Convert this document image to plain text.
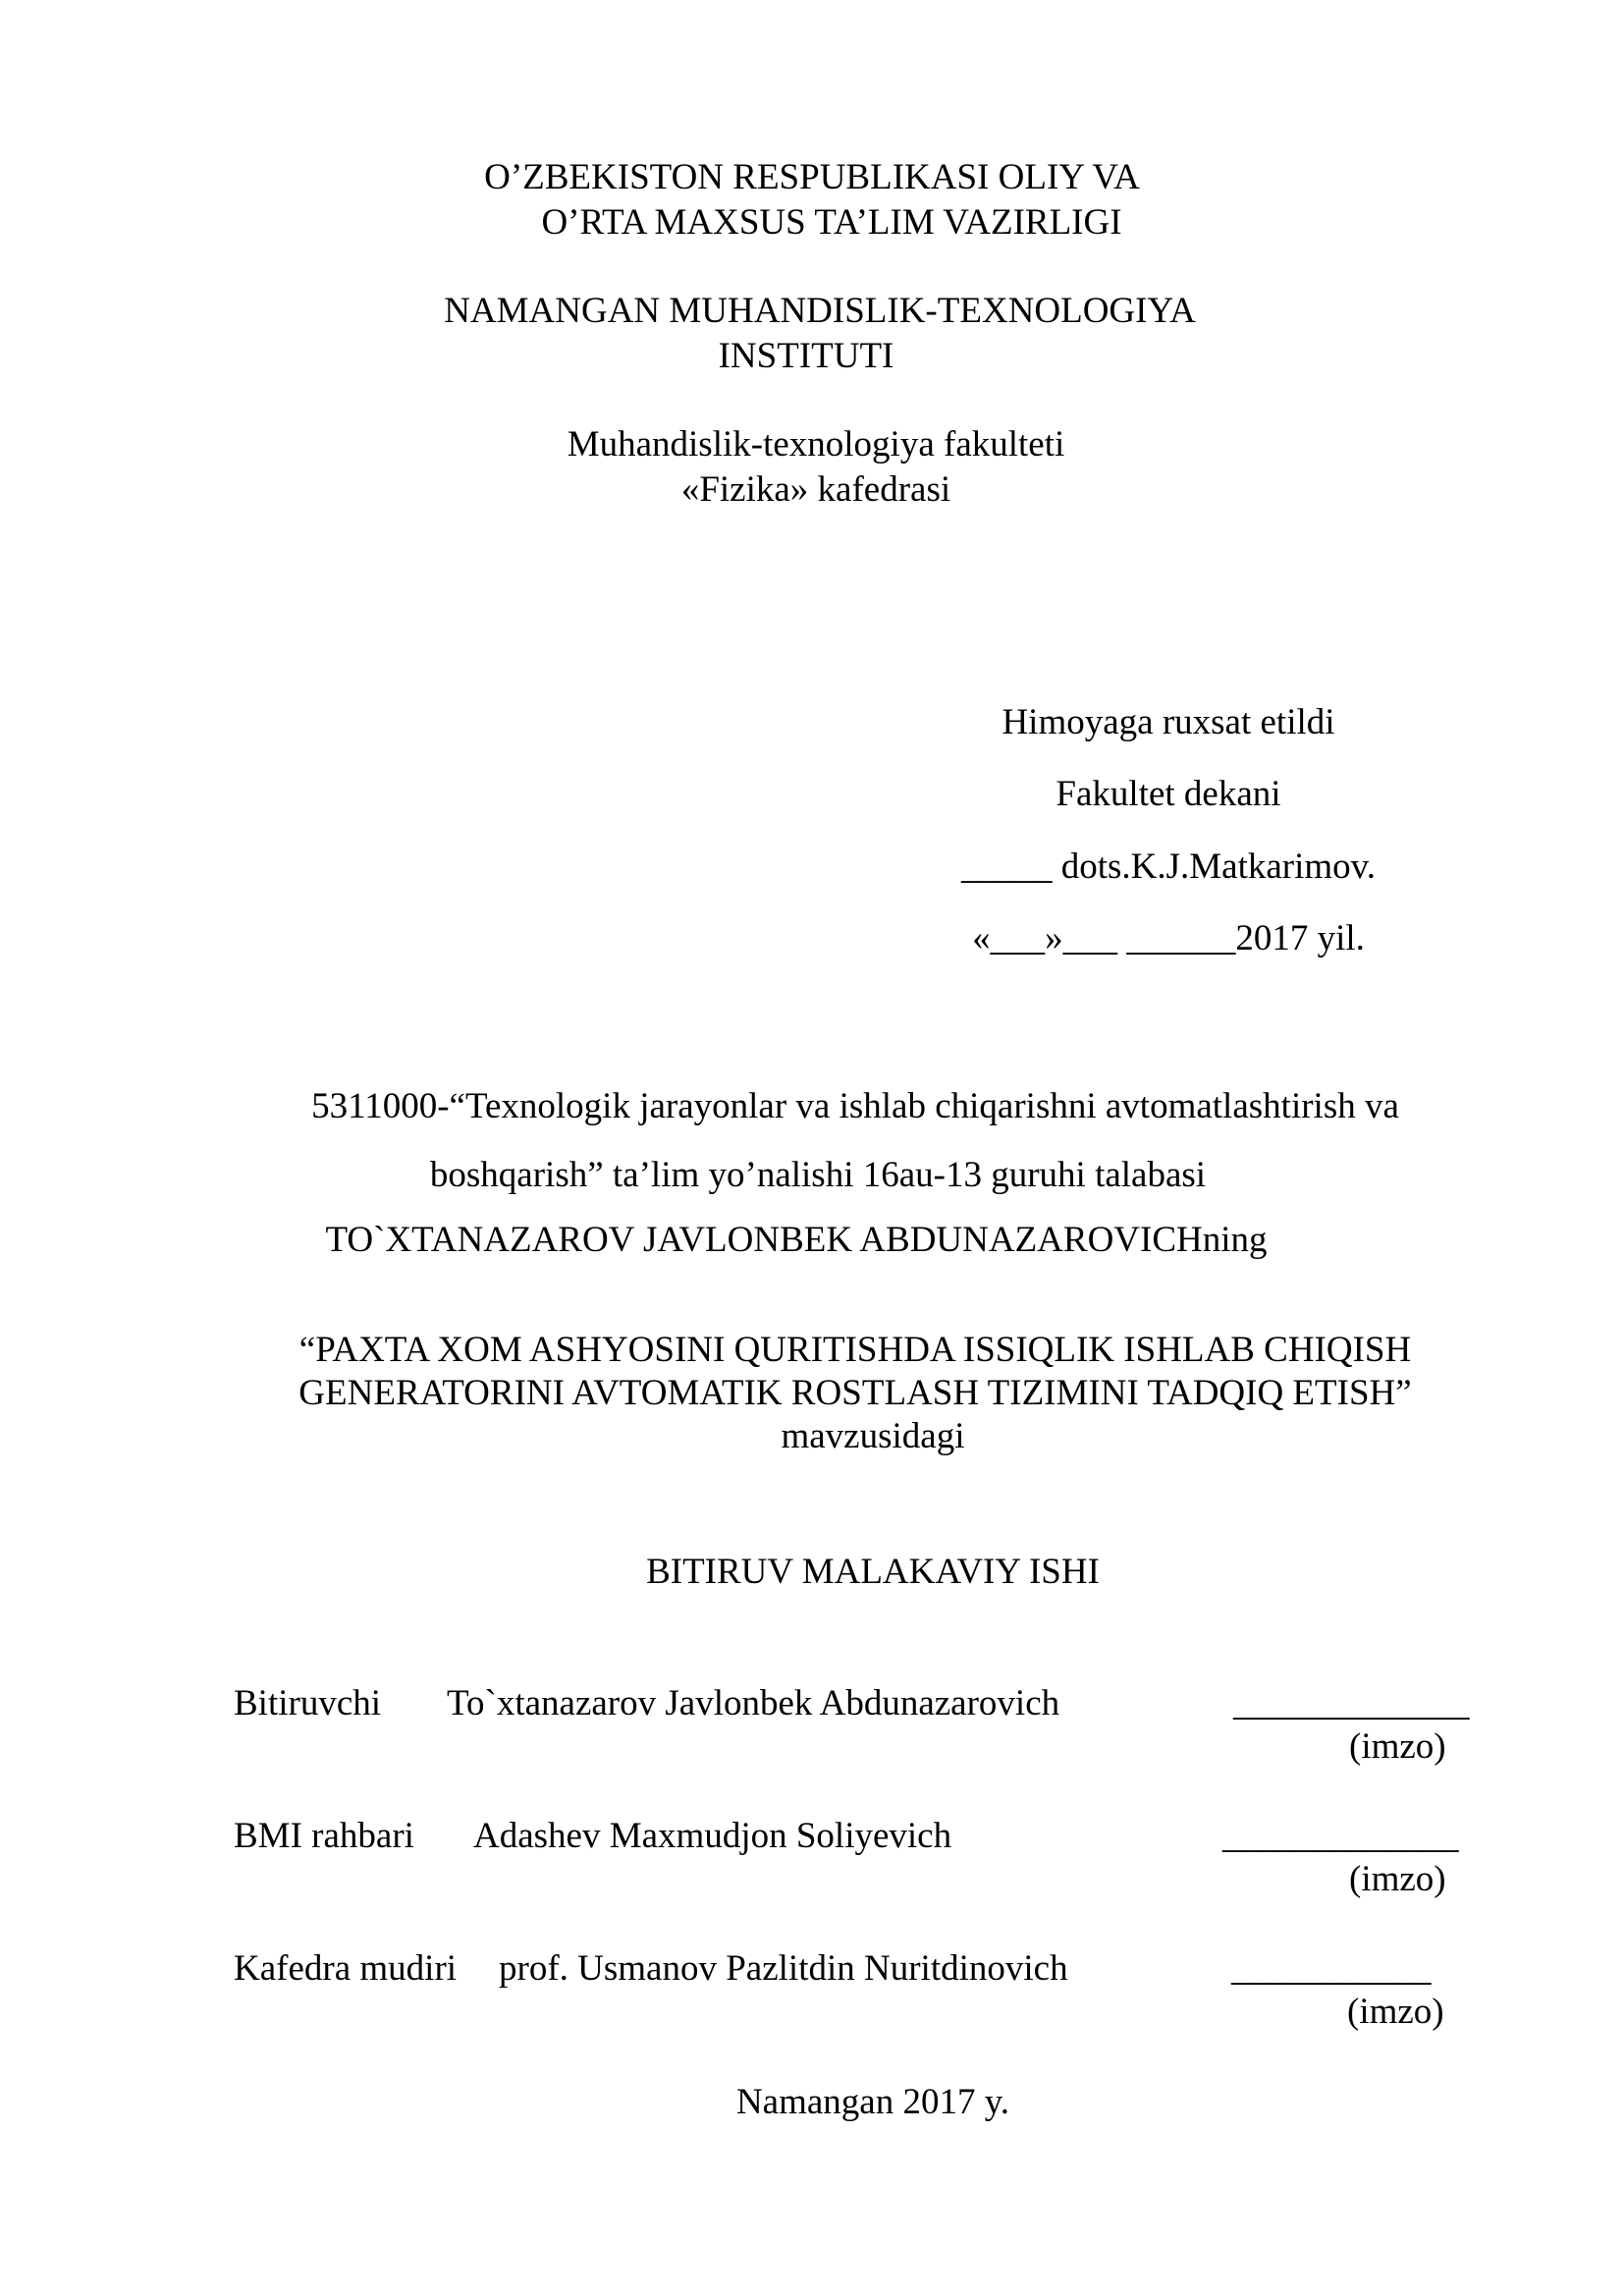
O’ZBEKISTON RESPUBLIKASI OLIY VA
O’RTA MAXSUS TA’LIM VAZIRLIGI
NAMANGAN MUHANDISLIK-TEXNOLOGIYA
INSTITUTI
Muhandislik-texnologiya fakulteti
«Fizika» kafedrasi
Himoyaga ruxsat etildi
Fakultet dekani
_____ dots.K.J.Matkarimov.
«___»___ ______2017 yil.
5311000-“Texnologik jarayonlar va ishlab chiqarishni avtomatlashtirish va
boshqarish” ta’lim yo’nalishi 16au-13 guruhi talabasi
TO`XTANAZAROV JAVLONBEK ABDUNAZAROVICHning
“PAXTA XOM ASHYOSINI QURITISHDA ISSIQLIK ISHLAB CHIQISH
GENERATORINI AVTOMATIK ROSTLASH TIZIMINI TADQIQ ETISH”
mavzusidagi
BITIRUV MALAKAVIY ISHI
Bitiruvchi To`xtanazarov Javlonbek Abdunazarovich	_____________
(imzo)
BMI rahbari Adashev Maxmudjon Soliyevich	_____________
(imzo)
Kafedra mudiri prof. Usmanov Pazlitdin Nuritdinovich	___________
(imzo)
Namangan 2017 y.
